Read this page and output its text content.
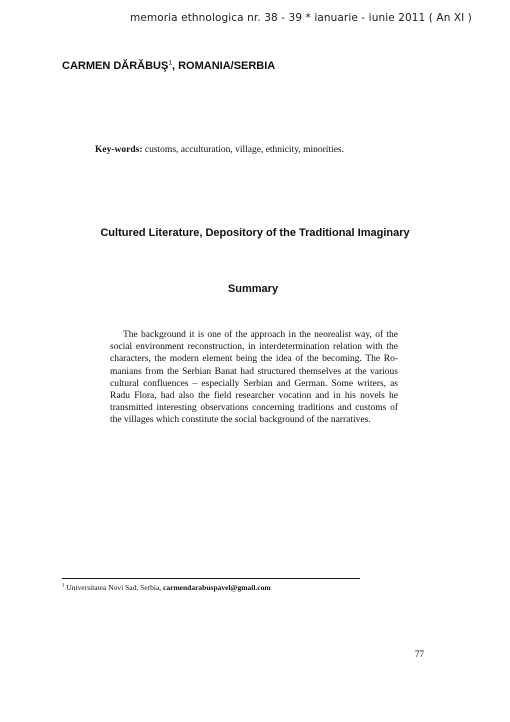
memoria ethnologica nr. 38 - 39 * ianuarie - iunie 2011 ( An XI )
CARMEN DĂRĂBUŞ$^1$, ROMANIA/SERBIA
Key-words: customs, acculturation, village, ethnicity, minorities.
Cultured Literature, Depository of the Traditional Imaginary
Summary
The background it is one of the approach in the neorealist way, of the
social environment reconstruction, in interdetermination relation with the
characters, the modern element being the idea of the becoming. The Ro-
manians from the Serbian Banat had structured themselves at the various
cultural confluences – especially Serbian and German. Some writers, as
Radu Flora, had also the field researcher vocation and in his novels he
transmitted interesting observations concerning traditions and customs of
the villages which constitute the social background of the narratives.
$^1$ Universitatea Novi Sad, Serbia, carmendarabuspavel@gmail.com
77
